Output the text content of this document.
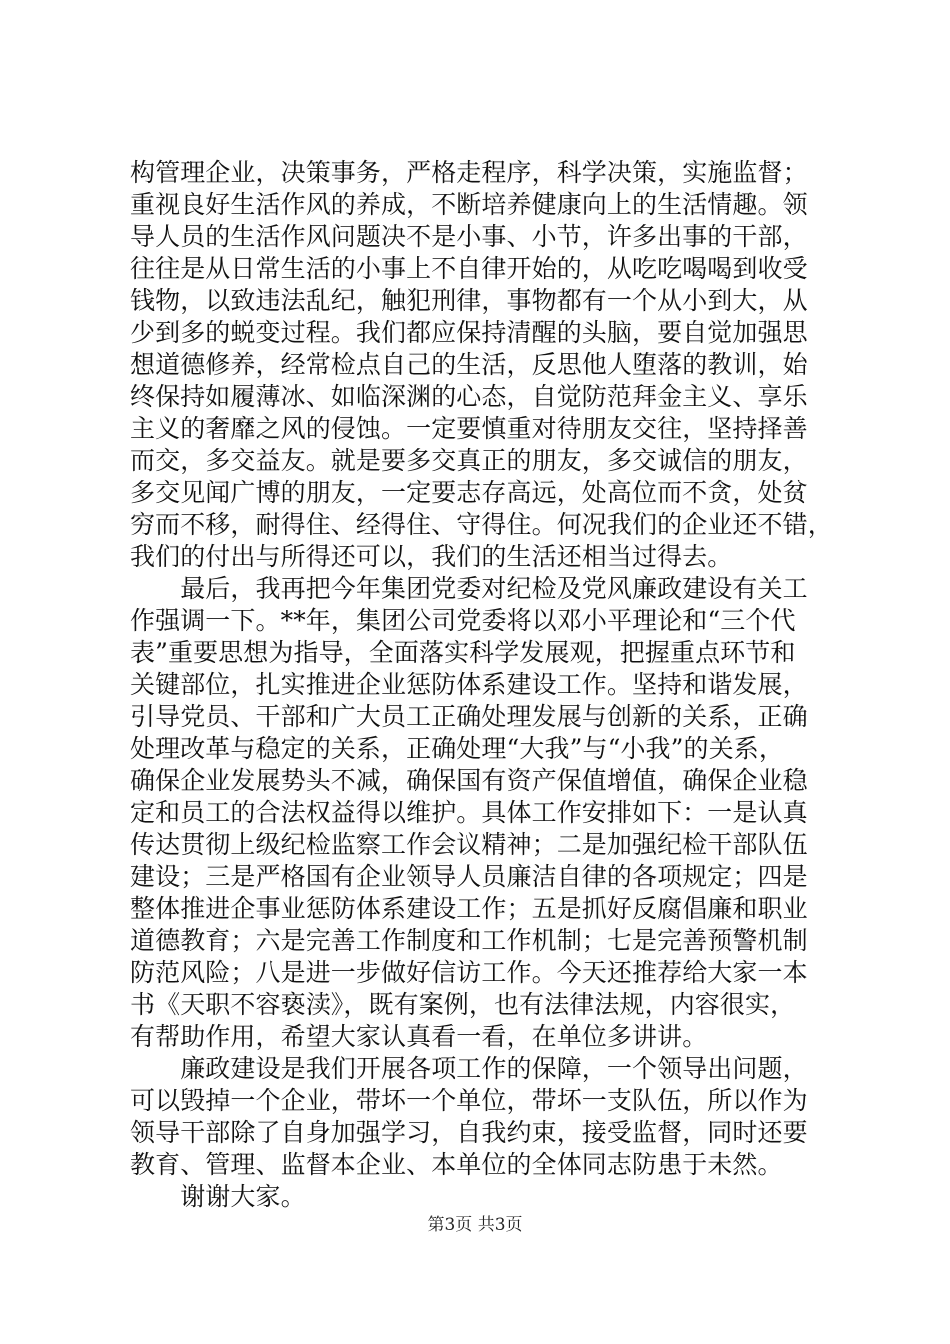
构管理企业，决策事务，严格走程序，科学决策，实施监督；
重视良好生活作风的养成，不断培养健康向上的生活情趣。领
导人员的生活作风问题决不是小事、小节，许多出事的干部，
往往是从日常生活的小事上不自律开始的，从吃吃喝喝到收受
钱物，以致违法乱纪，触犯刑律，事物都有一个从小到大，从
少到多的蜕变过程。我们都应保持清醒的头脑，要自觉加强思
想道德修养，经常检点自己的生活，反思他人堕落的教训，始
终保持如履薄冰、如临深渊的心态，自觉防范拜金主义、享乐
主义的奢靡之风的侵蚀。一定要慎重对待朋友交往，坚持择善
而交，多交益友。就是要多交真正的朋友，多交诚信的朋友，
多交见闻广博的朋友，一定要志存高远，处高位而不贪，处贫
穷而不移，耐得住、经得住、守得住。何况我们的企业还不错，
我们的付出与所得还可以，我们的生活还相当过得去。
　　最后，我再把今年集团党委对纪检及党风廉政建设有关工
作强调一下。**年，集团公司党委将以邓小平理论和“三个代
表”重要思想为指导，全面落实科学发展观，把握重点环节和
关键部位，扎实推进企业惩防体系建设工作。坚持和谐发展，
引导党员、干部和广大员工正确处理发展与创新的关系，正确
处理改革与稳定的关系，正确处理“大我”与“小我”的关系，
确保企业发展势头不减，确保国有资产保值增值，确保企业稳
定和员工的合法权益得以维护。具体工作安排如下：一是认真
传达贯彻上级纪检监察工作会议精神；二是加强纪检干部队伍
建设；三是严格国有企业领导人员廉洁自律的各项规定；四是
整体推进企事业惩防体系建设工作；五是抓好反腐倡廉和职业
道德教育；六是完善工作制度和工作机制；七是完善预警机制
防范风险；八是进一步做好信访工作。今天还推荐给大家一本
书《天职不容亵渎》，既有案例，也有法律法规，内容很实，
有帮助作用，希望大家认真看一看，在单位多讲讲。
　　廉政建设是我们开展各项工作的保障，一个领导出问题，
可以毁掉一个企业，带坏一个单位，带坏一支队伍，所以作为
领导干部除了自身加强学习，自我约束，接受监督，同时还要
教育、管理、监督本企业、本单位的全体同志防患于未然。
　　谢谢大家。
第3页 共3页
